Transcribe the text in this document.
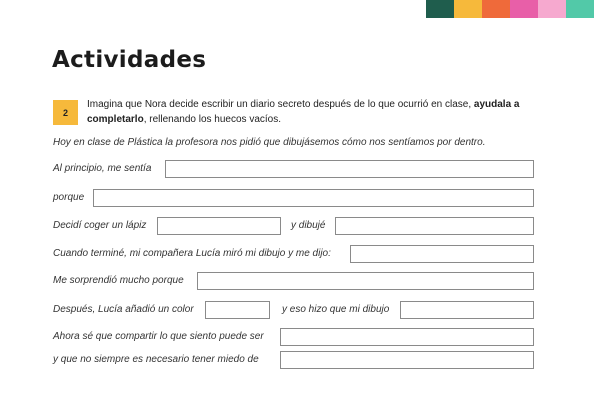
Actividades
2
Imagina que Nora decide escribir un diario secreto después de lo que ocurrió en clase, ayudala a completarlo, rellenando los huecos vacíos.
Hoy en clase de Plástica la profesora nos pidió que dibujásemos cómo nos sentíamos por dentro.
Al principio, me sentía
porque
Decidí coger un lápiz	y dibujé
Cuando terminé, mi compañera Lucía miró mi dibujo y me dijo:
Me sorprendió mucho porque
Después, Lucía añadió un color	y eso hizo que mi dibujo
Ahora sé que compartir lo que siento puede ser
y que no siempre es necesario tener miedo de
